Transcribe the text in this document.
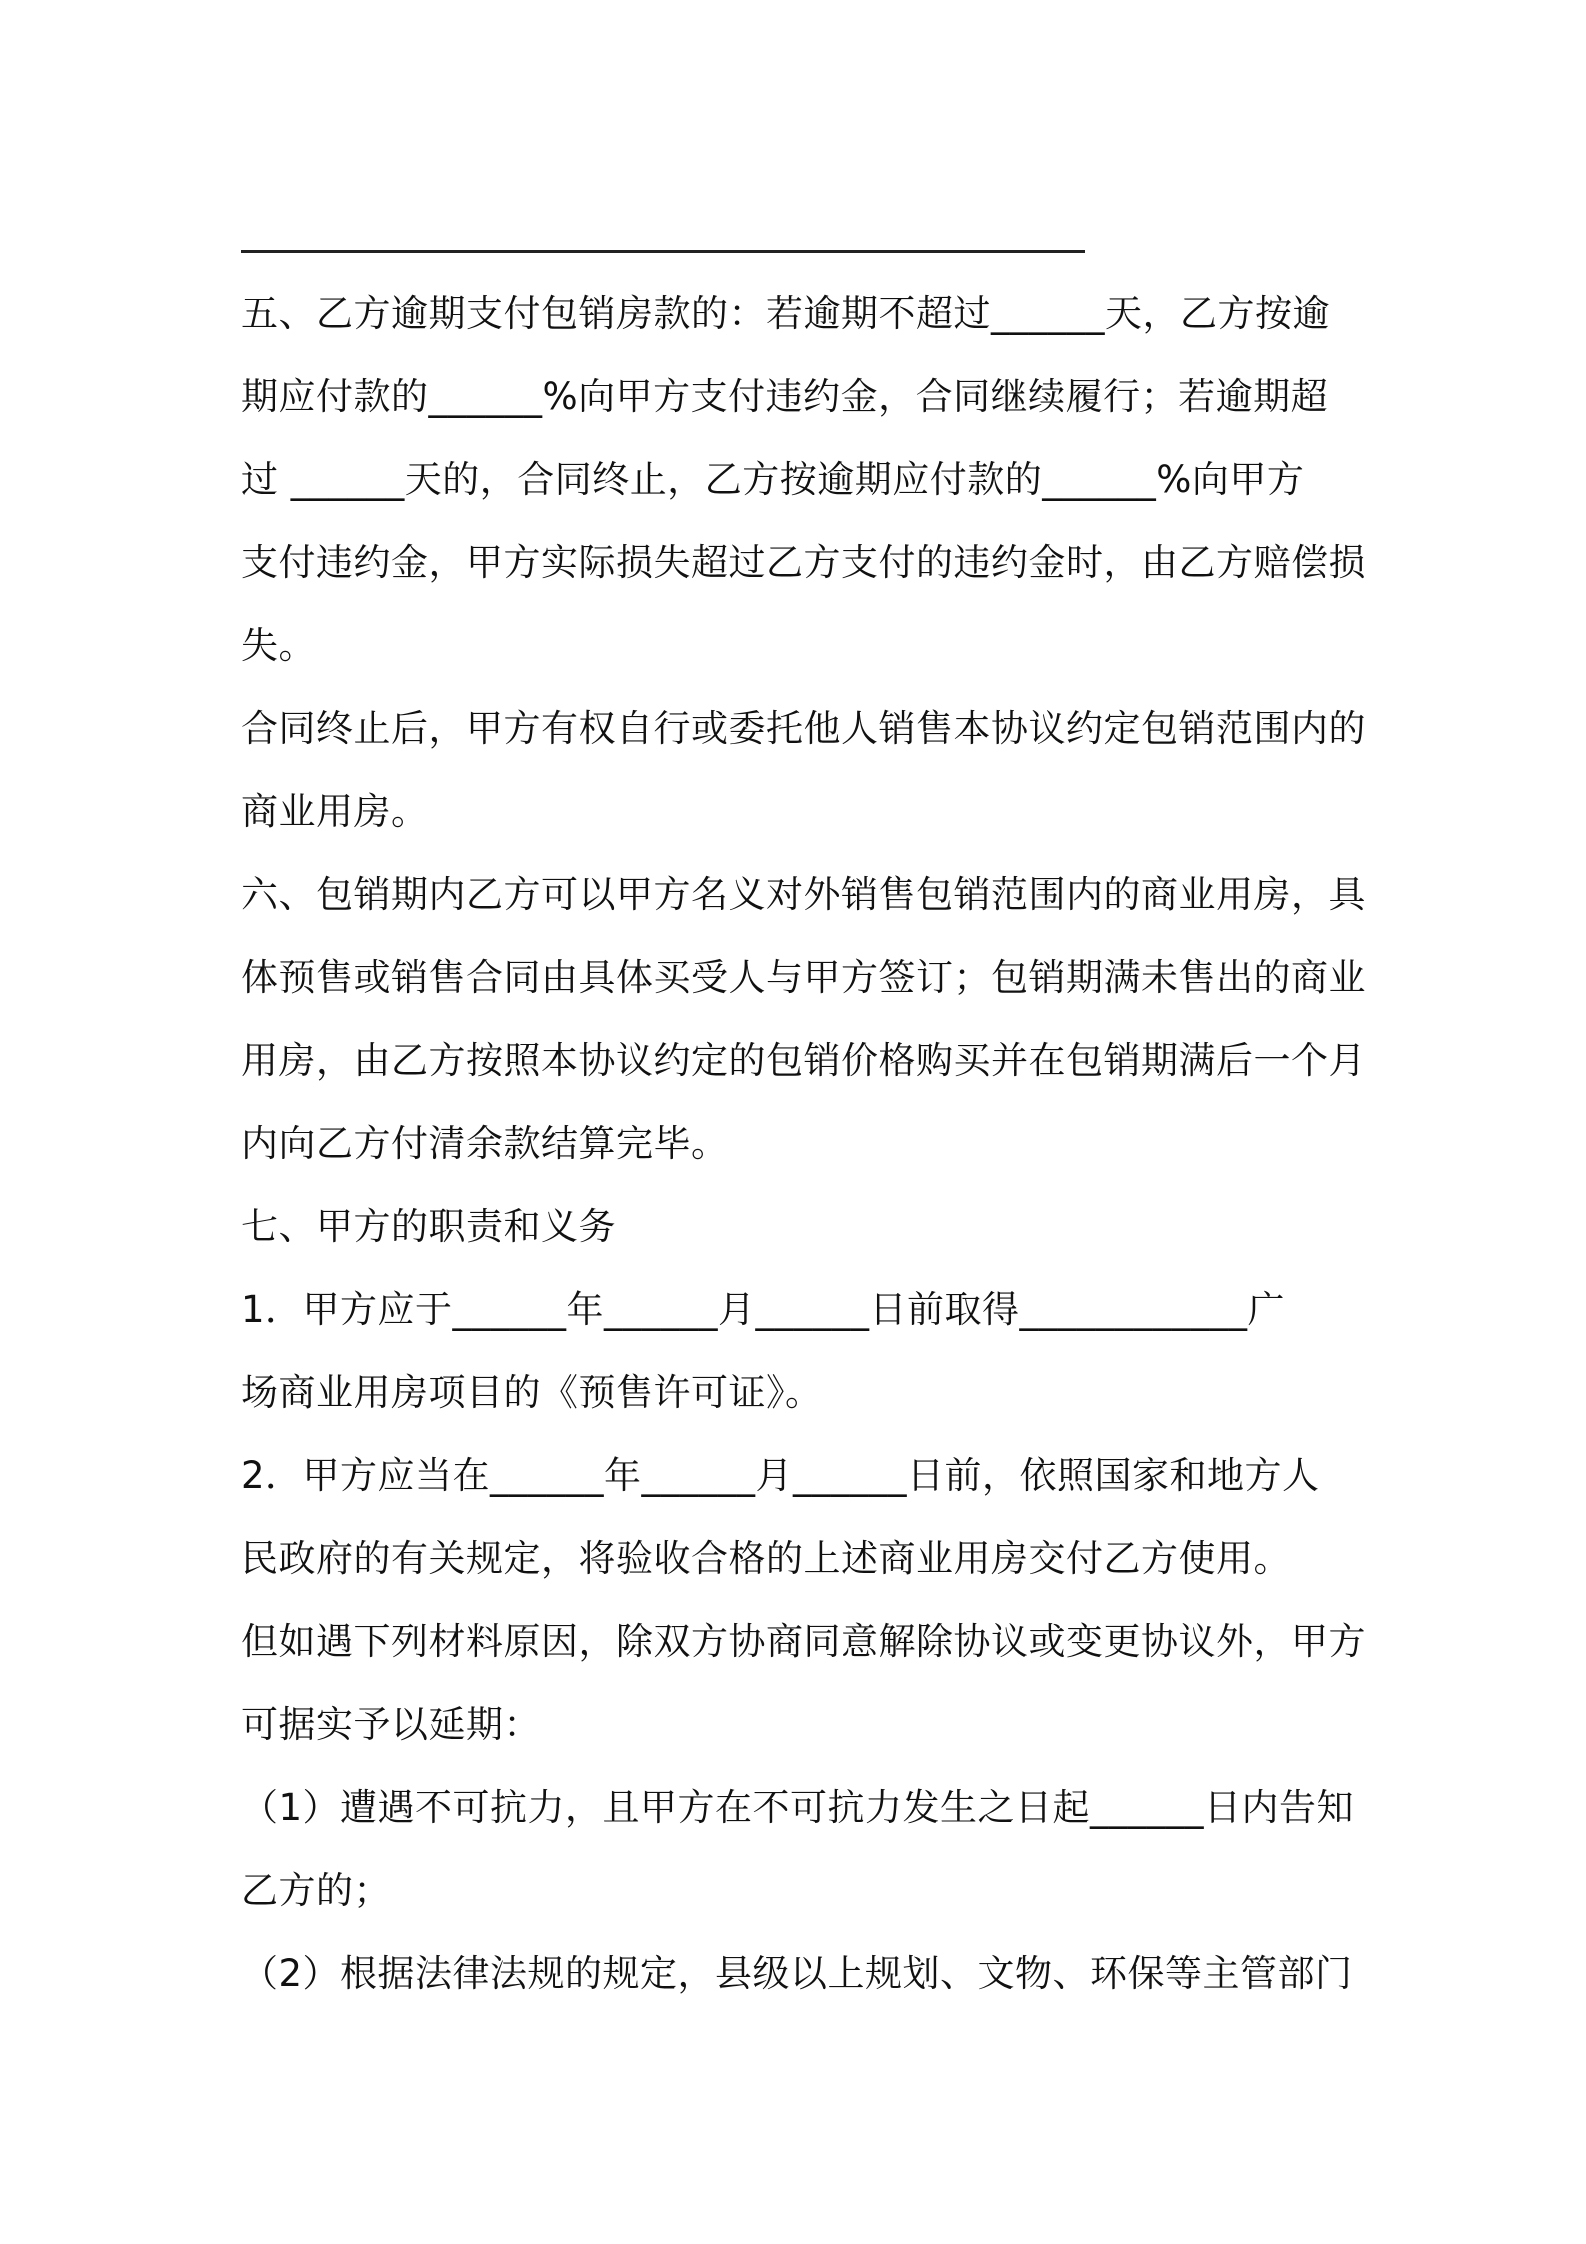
五、乙方逾期支付包销房款的：若逾期不超过______天，乙方按逾
期应付款的______%向甲方支付违约金，合同继续履行；若逾期超
过 ______天的，合同终止，乙方按逾期应付款的______%向甲方
支付违约金，甲方实际损失超过乙方支付的违约金时，由乙方赔偿损
失。
合同终止后，甲方有权自行或委托他人销售本协议约定包销范围内的
商业用房。
六、包销期内乙方可以甲方名义对外销售包销范围内的商业用房，具
体预售或销售合同由具体买受人与甲方签订；包销期满未售出的商业
用房，由乙方按照本协议约定的包销价格购买并在包销期满后一个月
内向乙方付清余款结算完毕。
七、甲方的职责和义务
1．甲方应于______年______月______日前取得____________广
场商业用房项目的《预售许可证》。
2．甲方应当在______年______月______日前，依照国家和地方人
民政府的有关规定，将验收合格的上述商业用房交付乙方使用。
但如遇下列材料原因，除双方协商同意解除协议或变更协议外，甲方
可据实予以延期：
（1）遭遇不可抗力，且甲方在不可抗力发生之日起______日内告知
乙方的；
（2）根据法律法规的规定，县级以上规划、文物、环保等主管部门
